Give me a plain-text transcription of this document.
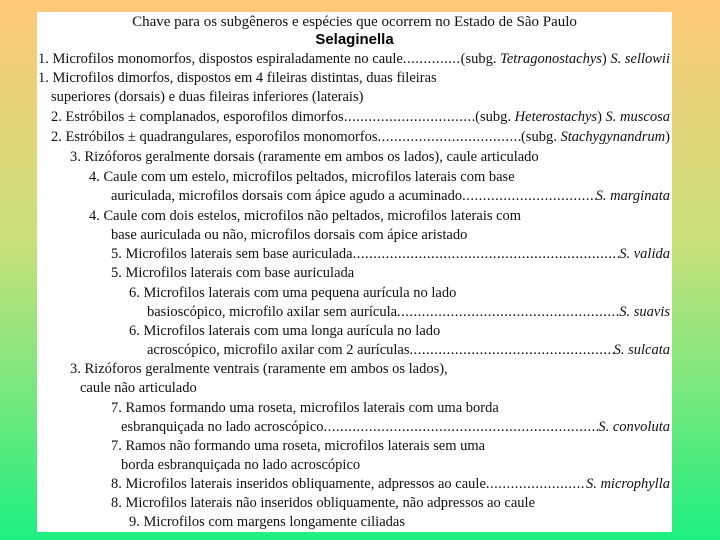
Chave para os subgêneros e espécies que ocorrem no Estado de São Paulo
Selaginella
1. Microfilos monomorfos, dispostos espiraladamente no caule .....	(subg. Tetragonostachys) S. sellowii
1. Microfilos dimorfos, dispostos em 4 fileiras distintas, duas fileiras
superiores (dorsais) e duas fileiras inferiores (laterais)
2. Estróbilos ± complanados, esporofilos dimorfos .....	(subg. Heterostachys) S. muscosa
2. Estróbilos ± quadrangulares, esporofilos monomorfos .....	(subg. Stachygynandrum)
3. Rizóforos geralmente dorsais (raramente em ambos os lados), caule articulado
4. Caule com um estelo, microfilos peltados, microfilos laterais com base
auriculada, microfilos dorsais com ápice agudo a acuminado .....	S. marginata
4. Caule com dois estelos, microfilos não peltados, microfilos laterais com
base auriculada ou não, microfilos dorsais com ápice aristado
5. Microfilos laterais sem base auriculada .....	S. valida
5. Microfilos laterais com base auriculada
6. Microfilos laterais com uma pequena aurícula no lado
basioscópico, microfilo axilar sem aurícula .....	S. suavis
6. Microfilos laterais com uma longa aurícula no lado
acroscópico, microfilo axilar com 2 aurículas .....	S. sulcata
3. Rizóforos geralmente ventrais (raramente em ambos os lados),
caule não articulado
7. Ramos formando uma roseta, microfilos laterais com uma borda
esbranquiçada no lado acroscópico .....	S. convoluta
7. Ramos não formando uma roseta, microfilos laterais sem uma
borda esbranquiçada no lado acroscópico
8. Microfilos laterais inseridos obliquamente, adpressos ao caule .....	S. microphylla
8. Microfilos laterais não inseridos obliquamente, não adpressos ao caule
9. Microfilos com margens longamente ciliadas
